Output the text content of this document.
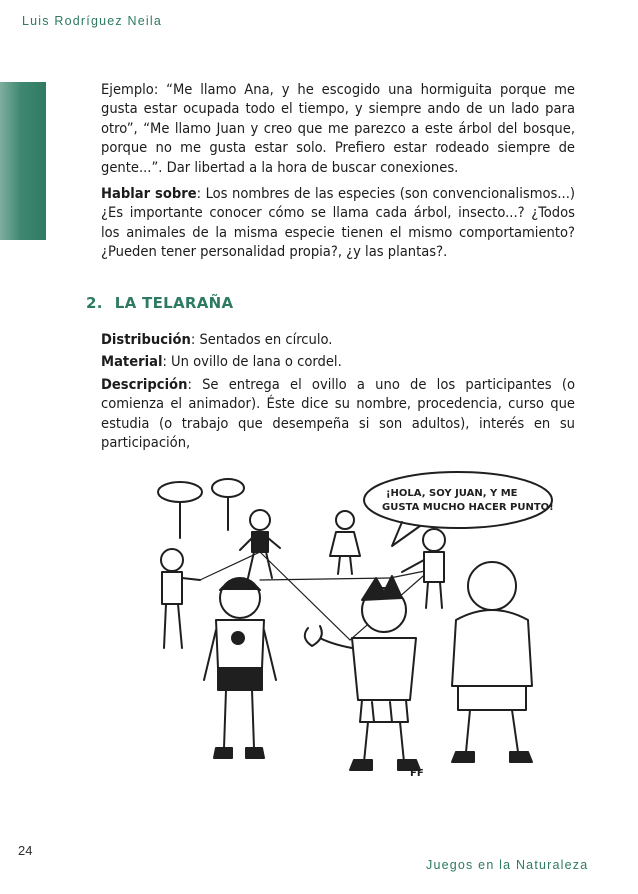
Luis Rodríguez Neila

Ejemplo: “Me llamo Ana, y he escogido una hormiguita porque me gusta estar ocupada todo el tiempo, y siempre ando de un lado para otro”, “Me llamo Juan y creo que me parezco a este árbol del bosque, porque no me gusta estar solo. Prefiero estar rodeado siempre de gente...”. Dar libertad a la hora de buscar conexiones.

Hablar sobre: Los nombres de las especies (son convencionalismos...) ¿Es importante conocer cómo se llama cada árbol, insecto...? ¿Todos los animales de la misma especie tienen el mismo comportamiento? ¿Pueden tener personalidad propia?, ¿y las plantas?.

2. LA TELARAÑA

Distribución: Sentados en círculo.

Material: Un ovillo de lana o cordel.

Descripción: Se entrega el ovillo a uno de los participantes (o comienza el animador). Éste dice su nombre, procedencia, curso que estudia (o trabajo que desempeña si son adultos), interés en su participación,

¡HOLA, SOY JUAN, Y ME
GUSTA MUCHO HACER PUNTO!
FF
24
Juegos en la Naturaleza
